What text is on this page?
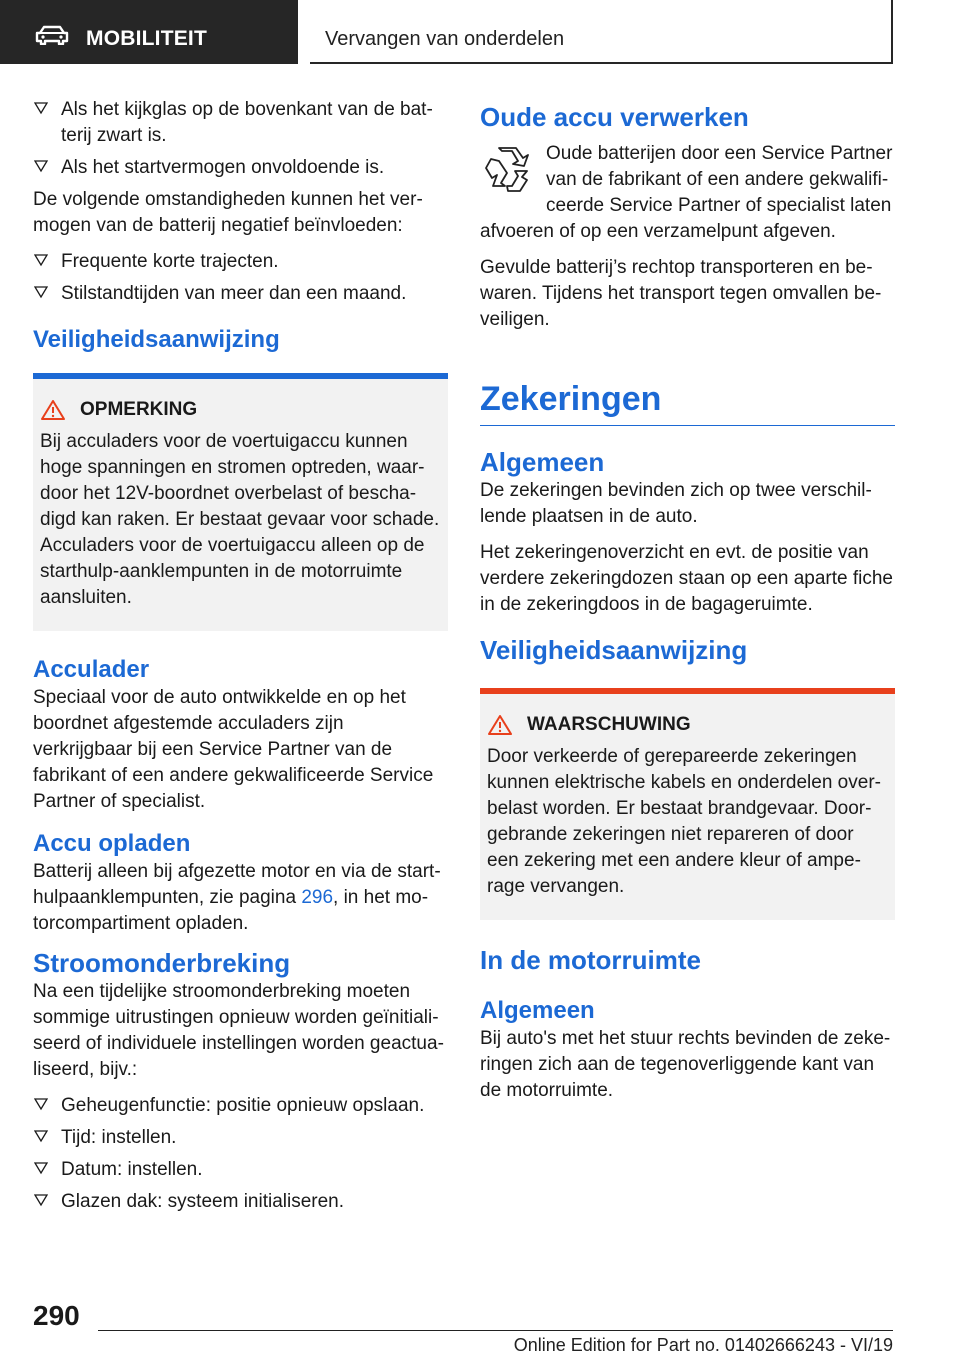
MOBILITEIT	Vervangen van onderdelen
Als het kijkglas op de bovenkant van de batterij zwart is.
Als het startvermogen onvoldoende is.

De volgende omstandigheden kunnen het vermogen van de batterij negatief beïnvloeden:

Frequente korte trajecten.
Stilstandtijden van meer dan een maand.
Veiligheidsaanwijzing
OPMERKING

Bij acculaders voor de voertuigaccu kunnen hoge spanningen en stromen optreden, waardoor het 12V-boordnet overbelast of beschadigd kan raken. Er bestaat gevaar voor schade. Acculaders voor de voertuigaccu alleen op de starthulp-aanklempunten in de motorruimte aansluiten.

Acculader

Speciaal voor de auto ontwikkelde en op het boordnet afgestemde acculaders zijn verkrijgbaar bij een Service Partner van de fabrikant of een andere gekwalificeerde Service Partner of specialist.

Accu opladen

Batterij alleen bij afgezette motor en via de starthulpaanklempunten, zie pagina 296, in het motorcompartiment opladen.

Stroomonderbreking

Na een tijdelijke stroomonderbreking moeten sommige uitrustingen opnieuw worden geïnitialiseerd of individuele instellingen worden geactualiseerd, bijv.:

Geheugenfunctie: positie opnieuw opslaan.
Tijd: instellen.
Datum: instellen.
Glazen dak: systeem initialiseren.
Oude accu verwerken

Oude batterijen door een Service Partner van de fabrikant of een andere gekwalificeerde Service Partner of specialist laten afvoeren of op een verzamelpunt afgeven.

Gevulde batterij’s rechtop transporteren en bewaren. Tijdens het transport tegen omvallen beveiligen.

Zekeringen
Algemeen

De zekeringen bevinden zich op twee verschillende plaatsen in de auto.

Het zekeringenoverzicht en evt. de positie van verdere zekeringdozen staan op een aparte fiche in de zekeringdoos in de bagageruimte.

Veiligheidsaanwijzing
WAARSCHUWING

Door verkeerde of gerepareerde zekeringen kunnen elektrische kabels en onderdelen overbelast worden. Er bestaat brandgevaar. Doorgebrande zekeringen niet repareren of door een zekering met een andere kleur of amperage vervangen.

In de motorruimte
Algemeen

Bij auto's met het stuur rechts bevinden de zekeringen zich aan de tegenoverliggende kant van de motorruimte.

290
Online Edition for Part no. 01402666243 - VI/19
